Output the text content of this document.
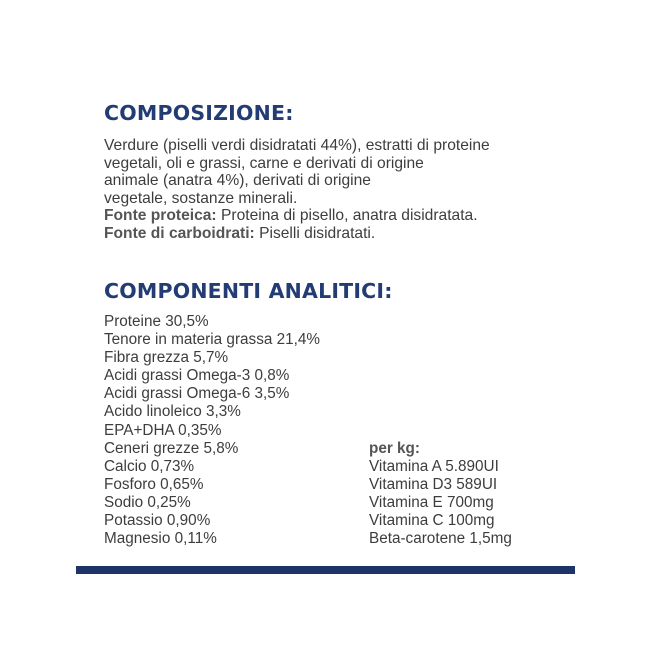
COMPOSIZIONE:
Verdure (piselli verdi disidratati 44%), estratti di proteine
vegetali, oli e grassi, carne e derivati di origine
animale (anatra 4%), derivati di origine
vegetale, sostanze minerali.
Fonte proteica: Proteina di pisello, anatra disidratata.
Fonte di carboidrati: Piselli disidratati.
COMPONENTI ANALITICI:
Proteine 30,5%
Tenore in materia grassa 21,4%
Fibra grezza 5,7%
Acidi grassi Omega-3 0,8%
Acidi grassi Omega-6 3,5%
Acido linoleico 3,3%
EPA+DHA 0,35%
Ceneri grezze 5,8%
Calcio 0,73%
Fosforo 0,65%
Sodio 0,25%
Potassio 0,90%
Magnesio 0,11%
per kg:
Vitamina A 5.890UI
Vitamina D3 589UI
Vitamina E 700mg
Vitamina C 100mg
Beta-carotene 1,5mg
